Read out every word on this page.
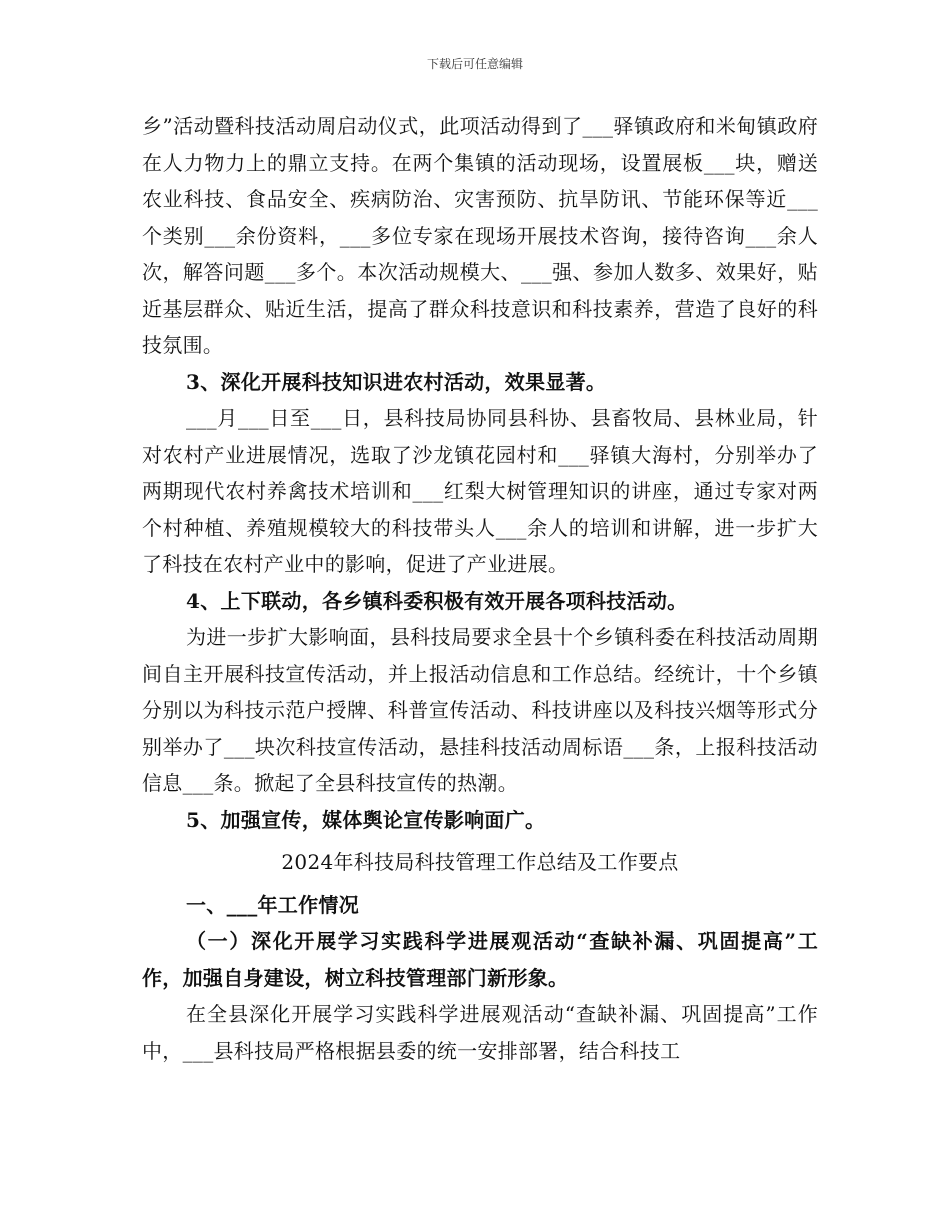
下载后可任意编辑

乡”活动暨科技活动周启动仪式，此项活动得到了___驿镇政府和米甸镇政府在人力物力上的鼎立支持。在两个集镇的活动现场，设置展板___块，赠送农业科技、食品安全、疾病防治、灾害预防、抗旱防讯、节能环保等近___个类别___余份资料，___多位专家在现场开展技术咨询，接待咨询___余人次，解答问题___多个。本次活动规模大、___强、参加人数多、效果好，贴近基层群众、贴近生活，提高了群众科技意识和科技素养，营造了良好的科技氛围。

3、深化开展科技知识进农村活动，效果显著。

___月___日至___日，县科技局协同县科协、县畜牧局、县林业局，针对农村产业进展情况，选取了沙龙镇花园村和___驿镇大海村，分别举办了两期现代农村养禽技术培训和___红梨大树管理知识的讲座，通过专家对两个村种植、养殖规模较大的科技带头人___余人的培训和讲解，进一步扩大了科技在农村产业中的影响，促进了产业进展。

4、上下联动，各乡镇科委积极有效开展各项科技活动。

为进一步扩大影响面，县科技局要求全县十个乡镇科委在科技活动周期间自主开展科技宣传活动，并上报活动信息和工作总结。经统计，十个乡镇分别以为科技示范户授牌、科普宣传活动、科技讲座以及科技兴烟等形式分别举办了___块次科技宣传活动，悬挂科技活动周标语___条，上报科技活动信息___条。掀起了全县科技宣传的热潮。

5、加强宣传，媒体舆论宣传影响面广。

2024年科技局科技管理工作总结及工作要点

一、___年工作情况

（一）深化开展学习实践科学进展观活动“查缺补漏、巩固提高”工作，加强自身建设，树立科技管理部门新形象。

在全县深化开展学习实践科学进展观活动“查缺补漏、巩固提高”工作中，___县科技局严格根据县委的统一安排部署，结合科技工
